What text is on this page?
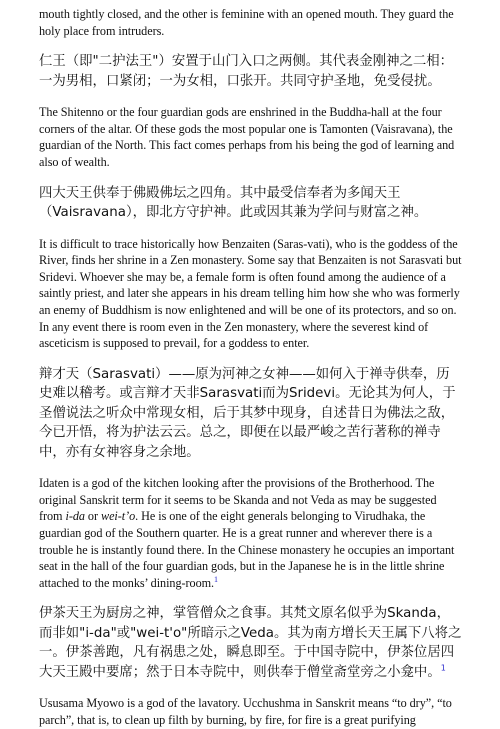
mouth tightly closed, and the other is feminine with an opened mouth. They guard the holy place from intruders.

仁王（即"二护法王"）安置于山门入口之两侧。其代表金刚神之二相：一为男相，口紧闭；一为女相，口张开。共同守护圣地，免受侵扰。

The Shitenno or the four guardian gods are enshrined in the Buddha-hall at the four corners of the altar. Of these gods the most popular one is Tamonten (Vaisravana), the guardian of the North. This fact comes perhaps from his being the god of learning and also of wealth.

四大天王供奉于佛殿佛坛之四角。其中最受信奉者为多闻天王（Vaisravana），即北方守护神。此或因其兼为学问与财富之神。

It is difficult to trace historically how Benzaiten (Saras-vati), who is the goddess of the River, finds her shrine in a Zen monastery. Some say that Benzaiten is not Sarasvati but Sridevi. Whoever she may be, a female form is often found among the audience of a saintly priest, and later she appears in his dream telling him how she who was formerly an enemy of Buddhism is now enlightened and will be one of its protectors, and so on. In any event there is room even in the Zen monastery, where the severest kind of asceticism is supposed to prevail, for a goddess to enter.

辩才天（Sarasvati）——原为河神之女神——如何入于禅寺供奉，历史难以稽考。或言辩才天非Sarasvati而为Sridevi。无论其为何人，于圣僧说法之听众中常现女相，后于其梦中现身，自述昔日为佛法之敌，今已开悟，将为护法云云。总之，即便在以最严峻之苦行著称的禅寺中，亦有女神容身之余地。

Idaten is a god of the kitchen looking after the provisions of the Brotherhood. The original Sanskrit term for it seems to be Skanda and not Veda as may be suggested from i-da or wei-t’o. He is one of the eight generals belonging to Virudhaka, the guardian god of the Southern quarter. He is a great runner and wherever there is a trouble he is instantly found there. In the Chinese monastery he occupies an important seat in the hall of the four guardian gods, but in the Japanese he is in the little shrine attached to the monks’ dining-room.$^1$

伊茶天王为厨房之神，掌管僧众之食事。其梵文原名似乎为Skanda，而非如"i-da"或"wei-t'o"所暗示之Veda。其为南方增长天王属下八将之一。伊茶善跑，凡有祸患之处，瞬息即至。于中国寺院中，伊茶位居四大天王殿中要席；然于日本寺院中，则供奉于僧堂斋堂旁之小龛中。$^1$

Ususama Myowo is a god of the lavatory. Ucchushma in Sanskrit means “to dry”, “to parch”, that is, to clean up filth by burning, by fire, for fire is a great purifying
